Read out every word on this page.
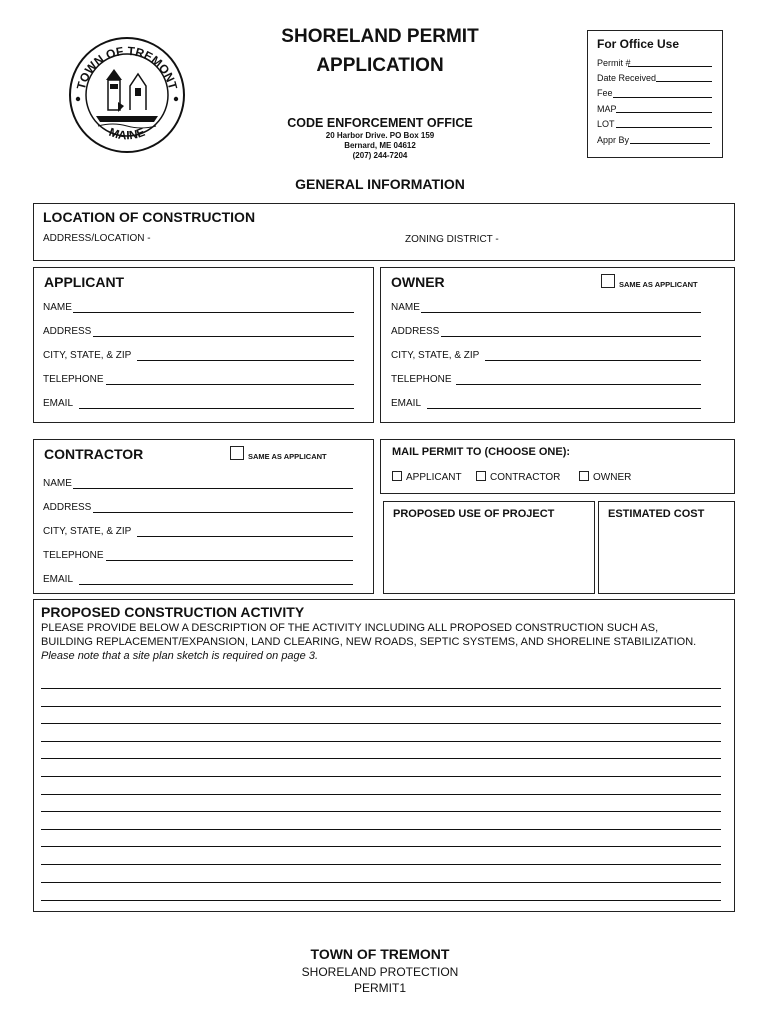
TOWN OF TREMONT
MAINE
SHORELAND PERMIT
APPLICATION
CODE ENFORCEMENT OFFICE
20 Harbor Drive. PO Box 159
Bernard, ME 04612
(207) 244-7204
For Office Use
Permit #
Date Received
Fee
MAP
LOT
Appr By
GENERAL INFORMATION
LOCATION OF CONSTRUCTION
ADDRESS/LOCATION -	ZONING DISTRICT -
APPLICANT
NAME
ADDRESS
CITY, STATE, & ZIP
TELEPHONE
EMAIL
OWNER	SAME AS APPLICANT
NAME
ADDRESS
CITY, STATE, & ZIP
TELEPHONE
EMAIL
CONTRACTOR	SAME AS APPLICANT
NAME
ADDRESS
CITY, STATE, & ZIP
TELEPHONE
EMAIL
MAIL PERMIT TO (CHOOSE ONE):
APPLICANT	CONTRACTOR	OWNER
PROPOSED USE OF PROJECT	ESTIMATED COST
PROPOSED CONSTRUCTION ACTIVITY
PLEASE PROVIDE BELOW A DESCRIPTION OF THE ACTIVITY INCLUDING ALL PROPOSED CONSTRUCTION SUCH AS,
BUILDING REPLACEMENT/EXPANSION, LAND CLEARING, NEW ROADS, SEPTIC SYSTEMS, AND SHORELINE STABILIZATION.
Please note that a site plan sketch is required on page 3.
TOWN OF TREMONT
SHORELAND PROTECTION
PERMIT1
